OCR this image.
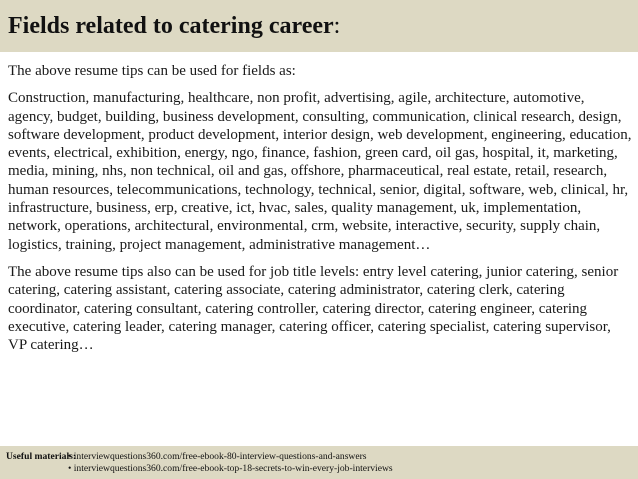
Fields related to catering career:

The above resume tips can be used for fields as:

Construction, manufacturing, healthcare, non profit, advertising, agile, architecture, automotive, agency, budget, building, business development, consulting, communication, clinical research, design, software development, product development, interior design, web development, engineering, education, events, electrical, exhibition, energy, ngo, finance, fashion, green card, oil gas, hospital, it, marketing, media, mining, nhs, non technical, oil and gas, offshore, pharmaceutical, real estate, retail, research, human resources, telecommunications, technology, technical, senior, digital, software, web, clinical, hr, infrastructure, business, erp, creative, ict, hvac, sales, quality management, uk, implementation, network, operations, architectural, environmental, crm, website, interactive, security, supply chain, logistics, training, project management, administrative management…

The above resume tips also can be used for job title levels: entry level catering, junior catering, senior catering, catering assistant, catering associate, catering administrator, catering clerk, catering coordinator, catering consultant, catering controller, catering director, catering engineer, catering executive, catering leader, catering manager, catering officer, catering specialist, catering supervisor, VP catering…

Useful materials:• interviewquestions360.com/free-ebook-80-interview-questions-and-answers
• interviewquestions360.com/free-ebook-top-18-secrets-to-win-every-job-interviews
